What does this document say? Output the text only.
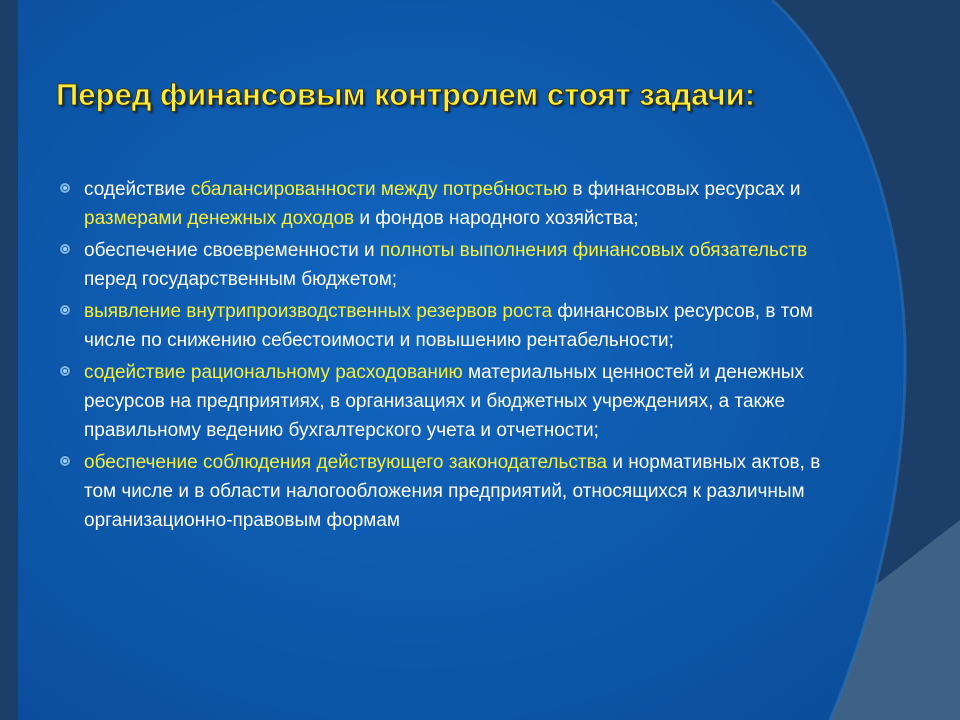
Перед финансовым контролем стоят задачи:
содействие сбалансированности между потребностью в финансовых ресурсах и размерами денежных доходов и фондов народного хозяйства;
обеспечение своевременности и полноты выполнения финансовых обязательств перед государственным бюджетом;
выявление внутрипроизводственных резервов роста финансовых ресурсов, в том числе по снижению себестоимости и повышению рентабельности;
содействие рациональному расходованию материальных ценностей и денежных ресурсов на предприятиях, в организациях и бюджетных учреждениях, а также правильному ведению бухгалтерского учета и отчетности;
обеспечение соблюдения действующего законодательства и нормативных актов, в том числе и в области налогообложения предприятий, относящихся к различным организационно-правовым формам
